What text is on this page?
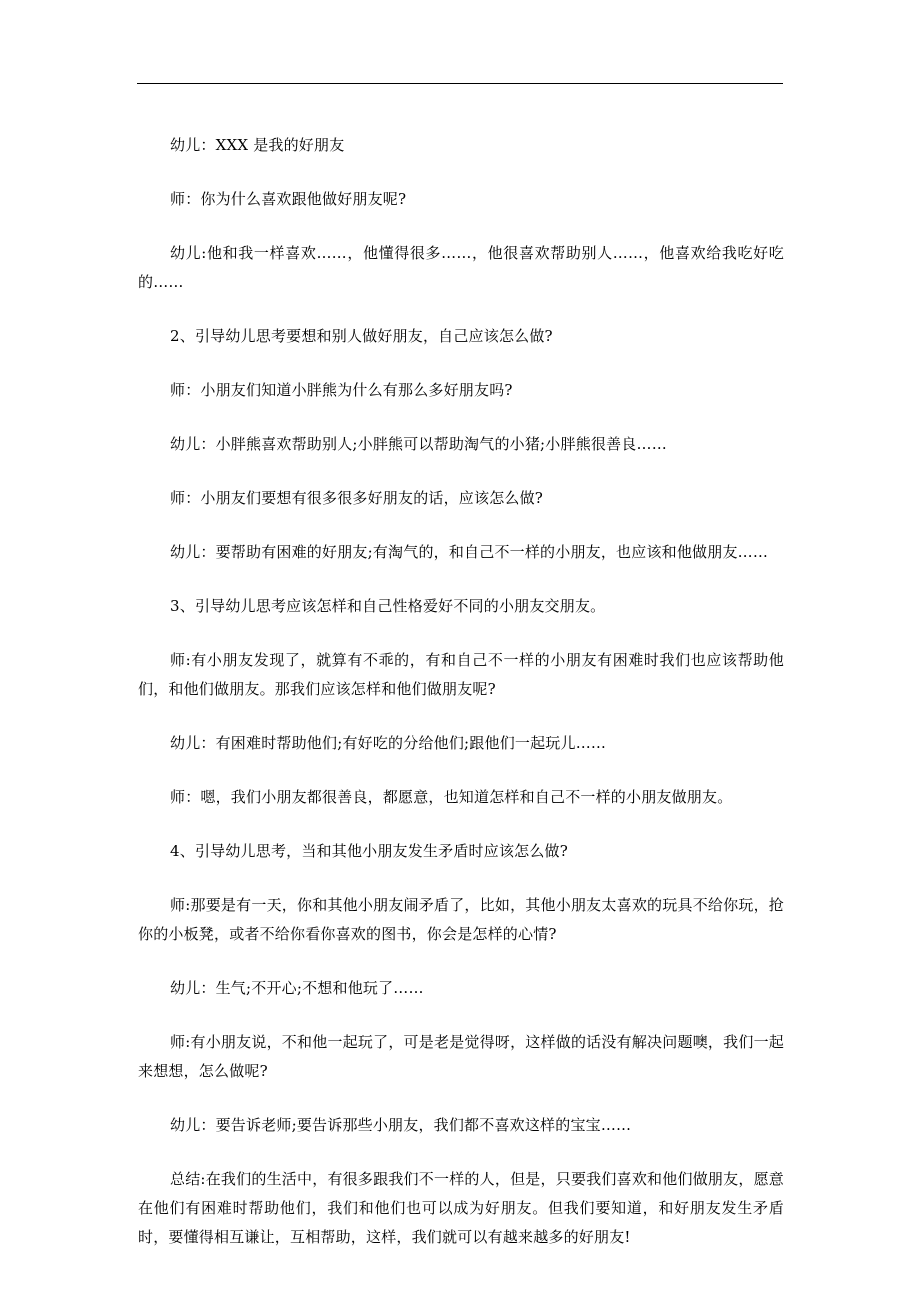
幼儿：XXX 是我的好朋友

师：你为什么喜欢跟他做好朋友呢?

幼儿:他和我一样喜欢……，他懂得很多……，他很喜欢帮助别人……，他喜欢给我吃好吃的……

2、引导幼儿思考要想和别人做好朋友，自己应该怎么做?

师：小朋友们知道小胖熊为什么有那么多好朋友吗?

幼儿：小胖熊喜欢帮助别人;小胖熊可以帮助淘气的小猪;小胖熊很善良……

师：小朋友们要想有很多很多好朋友的话，应该怎么做?

幼儿：要帮助有困难的好朋友;有淘气的，和自己不一样的小朋友，也应该和他做朋友……

3、引导幼儿思考应该怎样和自己性格爱好不同的小朋友交朋友。

师:有小朋友发现了，就算有不乖的，有和自己不一样的小朋友有困难时我们也应该帮助他们，和他们做朋友。那我们应该怎样和他们做朋友呢?

幼儿：有困难时帮助他们;有好吃的分给他们;跟他们一起玩儿……

师：嗯，我们小朋友都很善良，都愿意，也知道怎样和自己不一样的小朋友做朋友。

4、引导幼儿思考，当和其他小朋友发生矛盾时应该怎么做?

师:那要是有一天，你和其他小朋友闹矛盾了，比如，其他小朋友太喜欢的玩具不给你玩，抢你的小板凳，或者不给你看你喜欢的图书，你会是怎样的心情?

幼儿：生气;不开心;不想和他玩了……

师:有小朋友说，不和他一起玩了，可是老是觉得呀，这样做的话没有解决问题噢，我们一起来想想，怎么做呢?

幼儿：要告诉老师;要告诉那些小朋友，我们都不喜欢这样的宝宝……

总结:在我们的生活中，有很多跟我们不一样的人，但是，只要我们喜欢和他们做朋友，愿意在他们有困难时帮助他们，我们和他们也可以成为好朋友。但我们要知道，和好朋友发生矛盾时，要懂得相互谦让，互相帮助，这样，我们就可以有越来越多的好朋友!
